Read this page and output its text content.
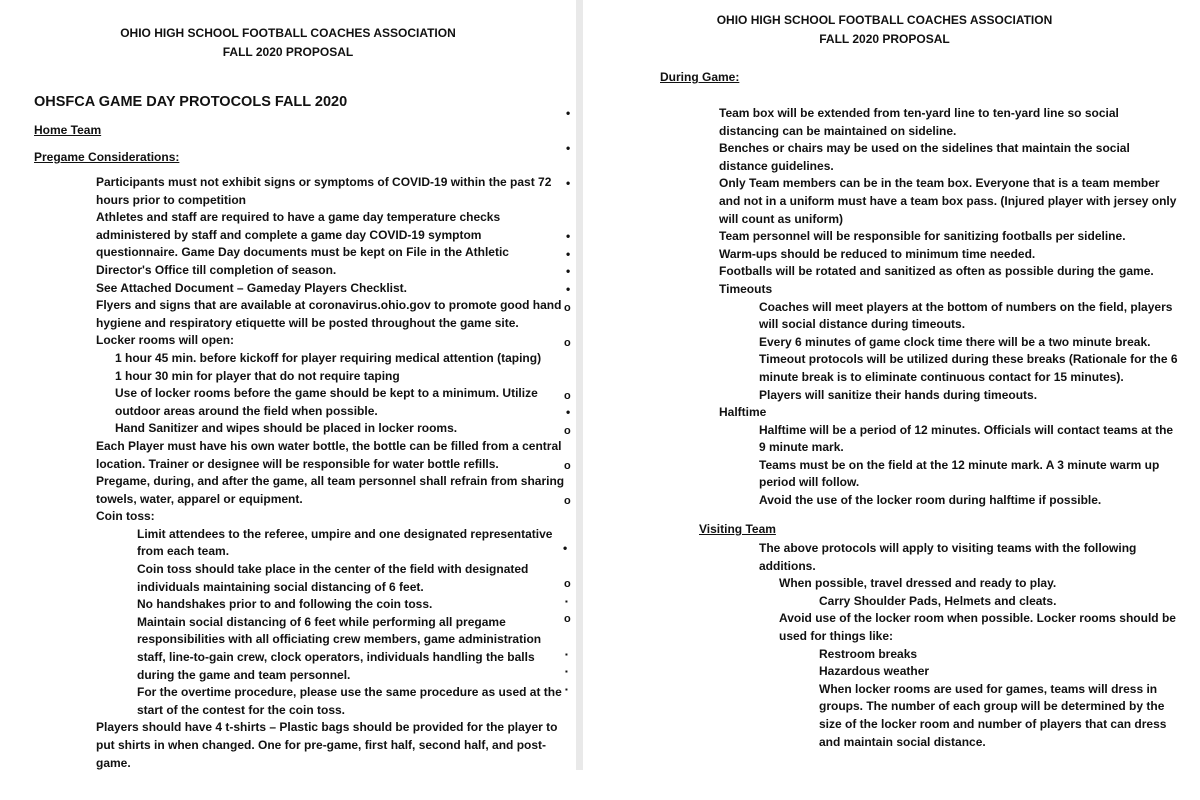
OHIO HIGH SCHOOL FOOTBALL COACHES ASSOCIATION
FALL 2020 PROPOSAL
OHSFCA GAME DAY PROTOCOLS FALL 2020
Home Team
Pregame Considerations:
Participants must not exhibit signs or symptoms of COVID-19 within the past 72 hours prior to competition
Athletes and staff are required to have a game day temperature checks administered by staff and complete a game day COVID-19 symptom questionnaire. Game Day documents must be kept on File in the Athletic Director's Office till completion of season.
See Attached Document – Gameday Players Checklist.
Flyers and signs that are available at coronavirus.ohio.gov to promote good hand hygiene and respiratory etiquette will be posted throughout the game site.
Locker rooms will open:
1 hour 45 min. before kickoff for player requiring medical attention (taping)
1 hour 30 min for player that do not require taping
Use of locker rooms before the game should be kept to a minimum. Utilize outdoor areas around the field when possible.
Hand Sanitizer and wipes should be placed in locker rooms.
Each Player must have his own water bottle, the bottle can be filled from a central location. Trainer or designee will be responsible for water bottle refills.
Pregame, during, and after the game, all team personnel shall refrain from sharing towels, water, apparel or equipment.
Coin toss:
Limit attendees to the referee, umpire and one designated representative from each team.
Coin toss should take place in the center of the field with designated individuals maintaining social distancing of 6 feet.
No handshakes prior to and following the coin toss.
Maintain social distancing of 6 feet while performing all pregame responsibilities with all officiating crew members, game administration staff, line-to-gain crew, clock operators, individuals handling the balls during the game and team personnel.
For the overtime procedure, please use the same procedure as used at the start of the contest for the coin toss.
Players should have 4 t-shirts – Plastic bags should be provided for the player to put shirts in when changed. One for pre-game, first half, second half, and post-game.
OHIO HIGH SCHOOL FOOTBALL COACHES ASSOCIATION
FALL 2020 PROPOSAL
During Game:
•
Team box will be extended from ten-yard line to ten-yard line so social distancing can be maintained on sideline.
•
Benches or chairs may be used on the sidelines that maintain the social distance guidelines.
•
Only Team members can be in the team box. Everyone that is a team member and not in a uniform must have a team box pass. (Injured player with jersey only will count as uniform)
•
Team personnel will be responsible for sanitizing footballs per sideline.
•
Warm-ups should be reduced to minimum time needed.
•
Footballs will be rotated and sanitized as often as possible during the game.
•
Timeouts
o
Coaches will meet players at the bottom of numbers on the field, players will social distance during timeouts.
o
Every 6 minutes of game clock time there will be a two minute break. Timeout protocols will be utilized during these breaks (Rationale for the 6 minute break is to eliminate continuous contact for 15 minutes).
o
Players will sanitize their hands during timeouts.
•
Halftime
o
Halftime will be a period of 12 minutes. Officials will contact teams at the 9 minute mark.
o
Teams must be on the field at the 12 minute mark. A 3 minute warm up period will follow.
o
Avoid the use of the locker room during halftime if possible.
Visiting Team
•
The above protocols will apply to visiting teams with the following additions.
o
When possible, travel dressed and ready to play.
▪
Carry Shoulder Pads, Helmets and cleats.
o
Avoid use of the locker room when possible. Locker rooms should be used for things like:
▪
Restroom breaks
▪
Hazardous weather
▪
When locker rooms are used for games, teams will dress in groups. The number of each group will be determined by the size of the locker room and number of players that can dress and maintain social distance.
